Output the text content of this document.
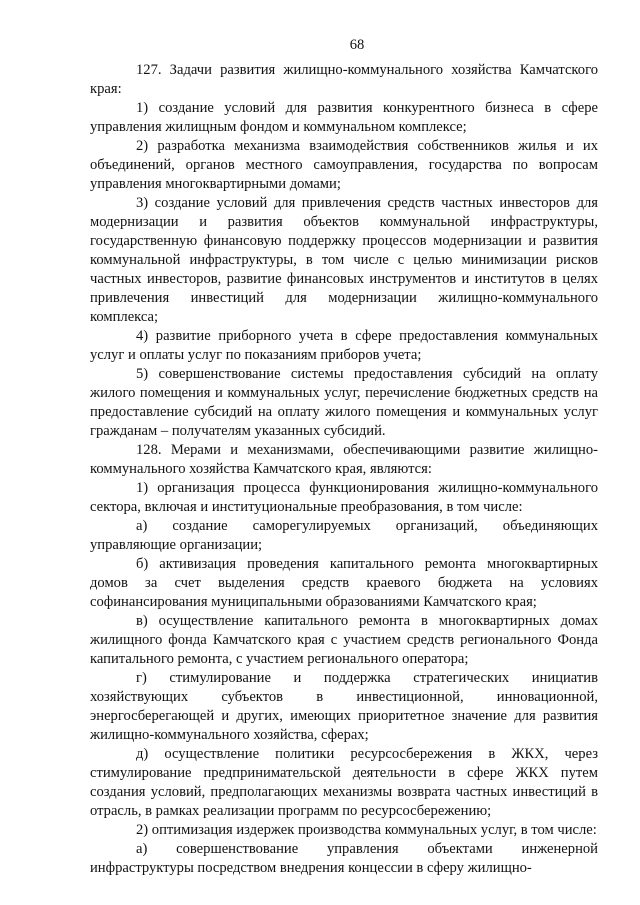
68

127. Задачи развития жилищно-коммунального хозяйства Камчатского края:

1) создание условий для развития конкурентного бизнеса в сфере управления жилищным фондом и коммунальном комплексе;

2) разработка механизма взаимодействия собственников жилья и их объединений, органов местного самоуправления, государства по вопросам управления многоквартирными домами;

3) создание условий для привлечения средств частных инвесторов для модернизации и развития объектов коммунальной инфраструктуры, государственную финансовую поддержку процессов модернизации и развития коммунальной инфраструктуры, в том числе с целью минимизации рисков частных инвесторов, развитие финансовых инструментов и институтов в целях привлечения инвестиций для модернизации жилищно-коммунального комплекса;

4) развитие приборного учета в сфере предоставления коммунальных услуг и оплаты услуг по показаниям приборов учета;

5) совершенствование системы предоставления субсидий на оплату жилого помещения и коммунальных услуг, перечисление бюджетных средств на предоставление субсидий на оплату жилого помещения и коммунальных услуг гражданам – получателям указанных субсидий.

128. Мерами и механизмами, обеспечивающими развитие жилищно-коммунального хозяйства Камчатского края, являются:

1) организация процесса функционирования жилищно-коммунального сектора, включая и институциональные преобразования, в том числе:

а) создание саморегулируемых организаций, объединяющих управляющие организации;

б) активизация проведения капитального ремонта многоквартирных домов за счет выделения средств краевого бюджета на условиях софинансирования муниципальными образованиями Камчатского края;

в) осуществление капитального ремонта в многоквартирных домах жилищного фонда Камчатского края с участием средств регионального Фонда капитального ремонта, с участием регионального оператора;

г) стимулирование и поддержка стратегических инициатив хозяйствующих субъектов в инвестиционной, инновационной, энергосберегающей и других, имеющих приоритетное значение для развития жилищно-коммунального хозяйства, сферах;

д) осуществление политики ресурсосбережения в ЖКХ, через стимулирование предпринимательской деятельности в сфере ЖКХ путем создания условий, предполагающих механизмы возврата частных инвестиций в отрасль, в рамках реализации программ по ресурсосбережению;

2) оптимизация издержек производства коммунальных услуг, в том числе:

а) совершенствование управления объектами инженерной инфраструктуры посредством внедрения концессии в сферу жилищно-
